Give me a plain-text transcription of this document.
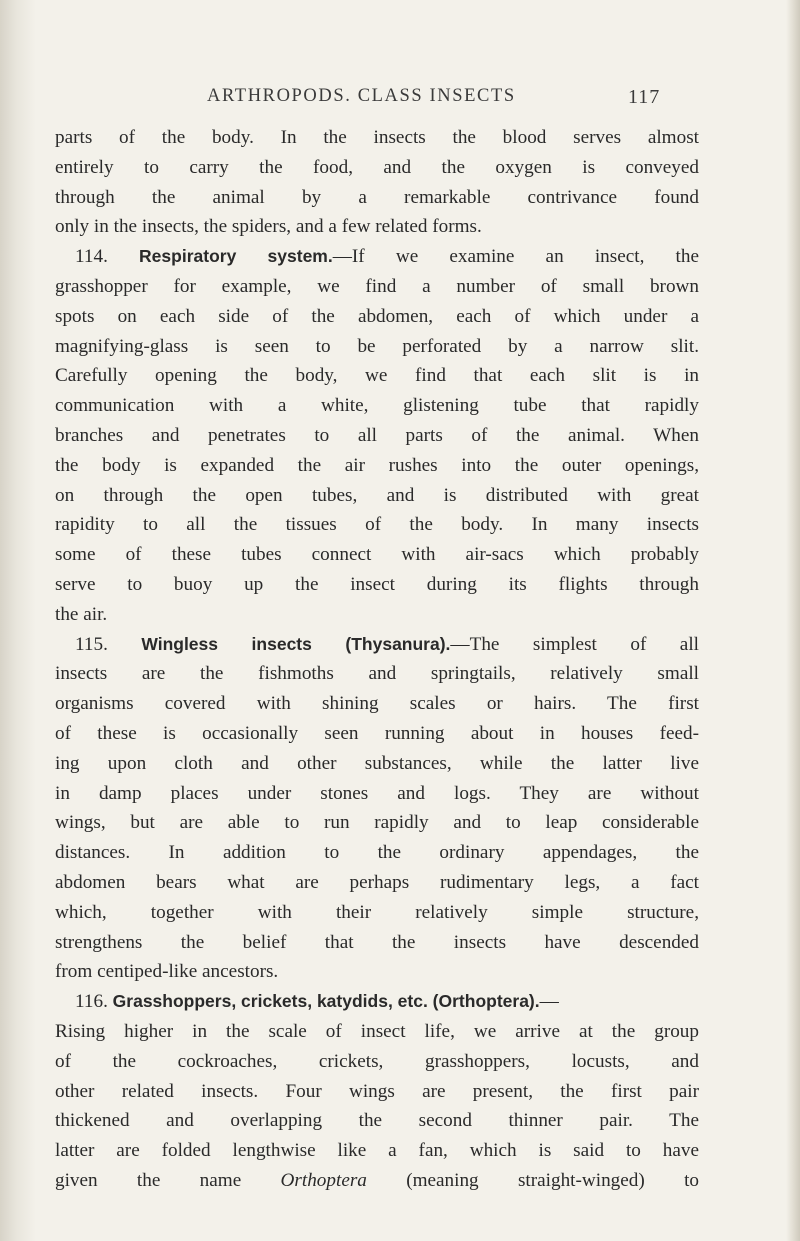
ARTHROPODS. CLASS INSECTS	117
parts of the body. In the insects the blood serves almost
entirely to carry the food, and the oxygen is conveyed
through the animal by a remarkable contrivance found
only in the insects, the spiders, and a few related forms.
114. Respiratory system.—If we examine an insect, the
grasshopper for example, we find a number of small brown
spots on each side of the abdomen, each of which under a
magnifying-glass is seen to be perforated by a narrow slit.
Carefully opening the body, we find that each slit is in
communication with a white, glistening tube that rapidly
branches and penetrates to all parts of the animal. When
the body is expanded the air rushes into the outer openings,
on through the open tubes, and is distributed with great
rapidity to all the tissues of the body. In many insects
some of these tubes connect with air-sacs which probably
serve to buoy up the insect during its flights through
the air.
115. Wingless insects (Thysanura).—The simplest of all
insects are the fishmoths and springtails, relatively small
organisms covered with shining scales or hairs. The first
of these is occasionally seen running about in houses feed-
ing upon cloth and other substances, while the latter live
in damp places under stones and logs. They are without
wings, but are able to run rapidly and to leap considerable
distances. In addition to the ordinary appendages, the
abdomen bears what are perhaps rudimentary legs, a fact
which, together with their relatively simple structure,
strengthens the belief that the insects have descended
from centiped-like ancestors.
116. Grasshoppers, crickets, katydids, etc. (Orthoptera).—
Rising higher in the scale of insect life, we arrive at the group
of the cockroaches, crickets, grasshoppers, locusts, and
other related insects. Four wings are present, the first pair
thickened and overlapping the second thinner pair. The
latter are folded lengthwise like a fan, which is said to have
given the name Orthoptera (meaning straight-winged) to
